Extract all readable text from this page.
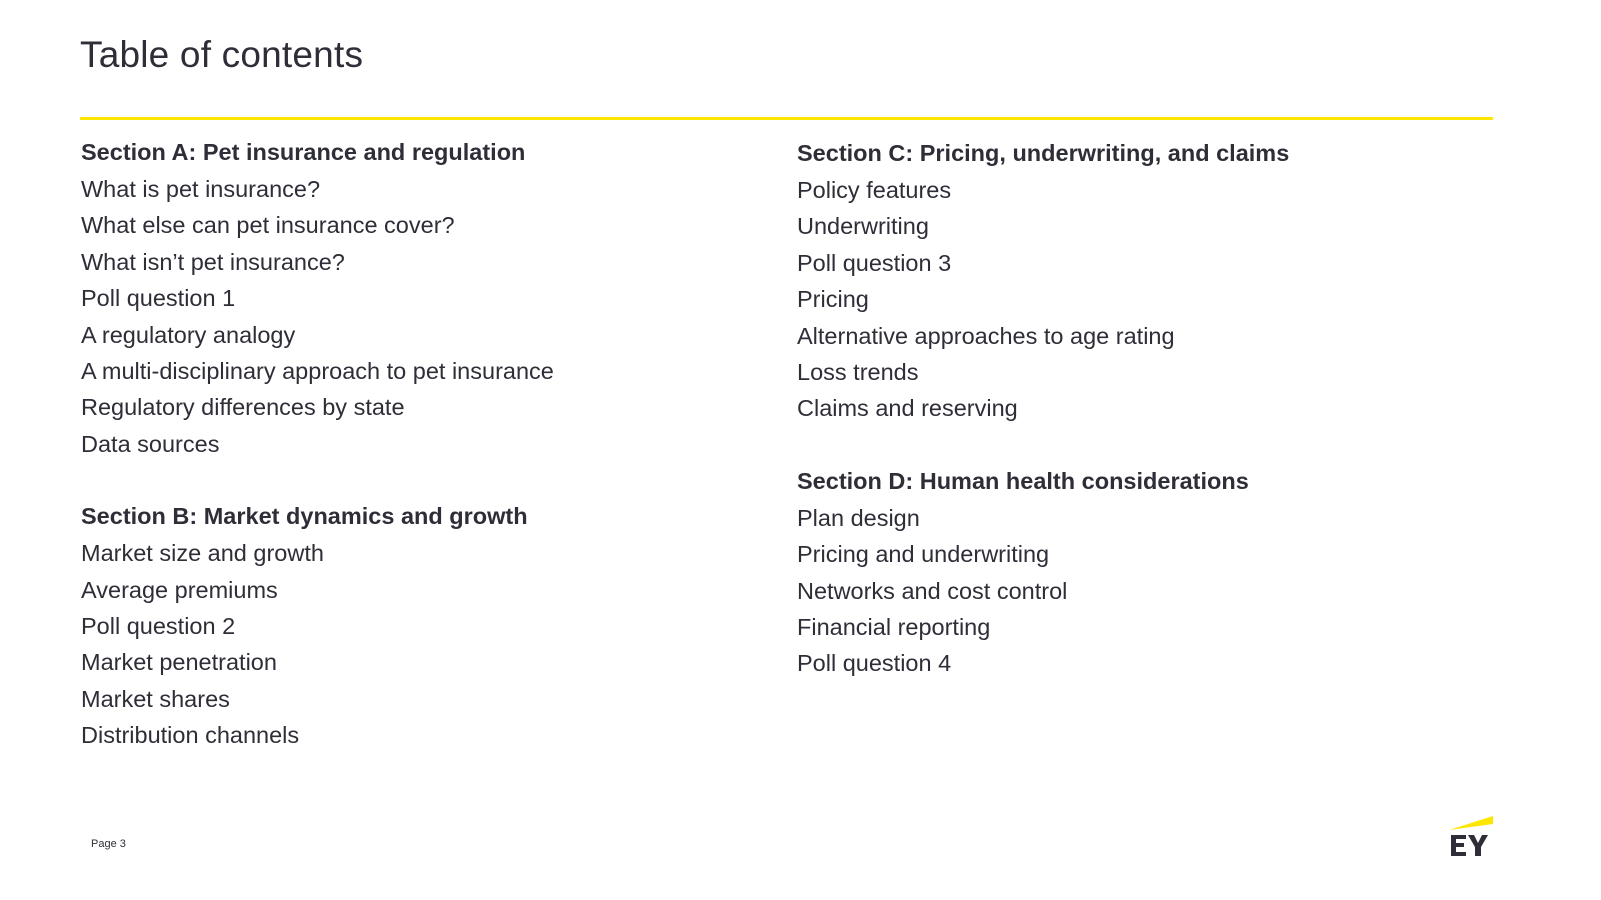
Table of contents
Section A: Pet insurance and regulation
What is pet insurance?
What else can pet insurance cover?
What isn’t pet insurance?
Poll question 1
A regulatory analogy
A multi-disciplinary approach to pet insurance
Regulatory differences by state
Data sources
Section B: Market dynamics and growth
Market size and growth
Average premiums
Poll question 2
Market penetration
Market shares
Distribution channels
Section C: Pricing, underwriting, and claims
Policy features
Underwriting
Poll question 3
Pricing
Alternative approaches to age rating
Loss trends
Claims and reserving
Section D: Human health considerations
Plan design
Pricing and underwriting
Networks and cost control
Financial reporting
Poll question 4
Page 3
